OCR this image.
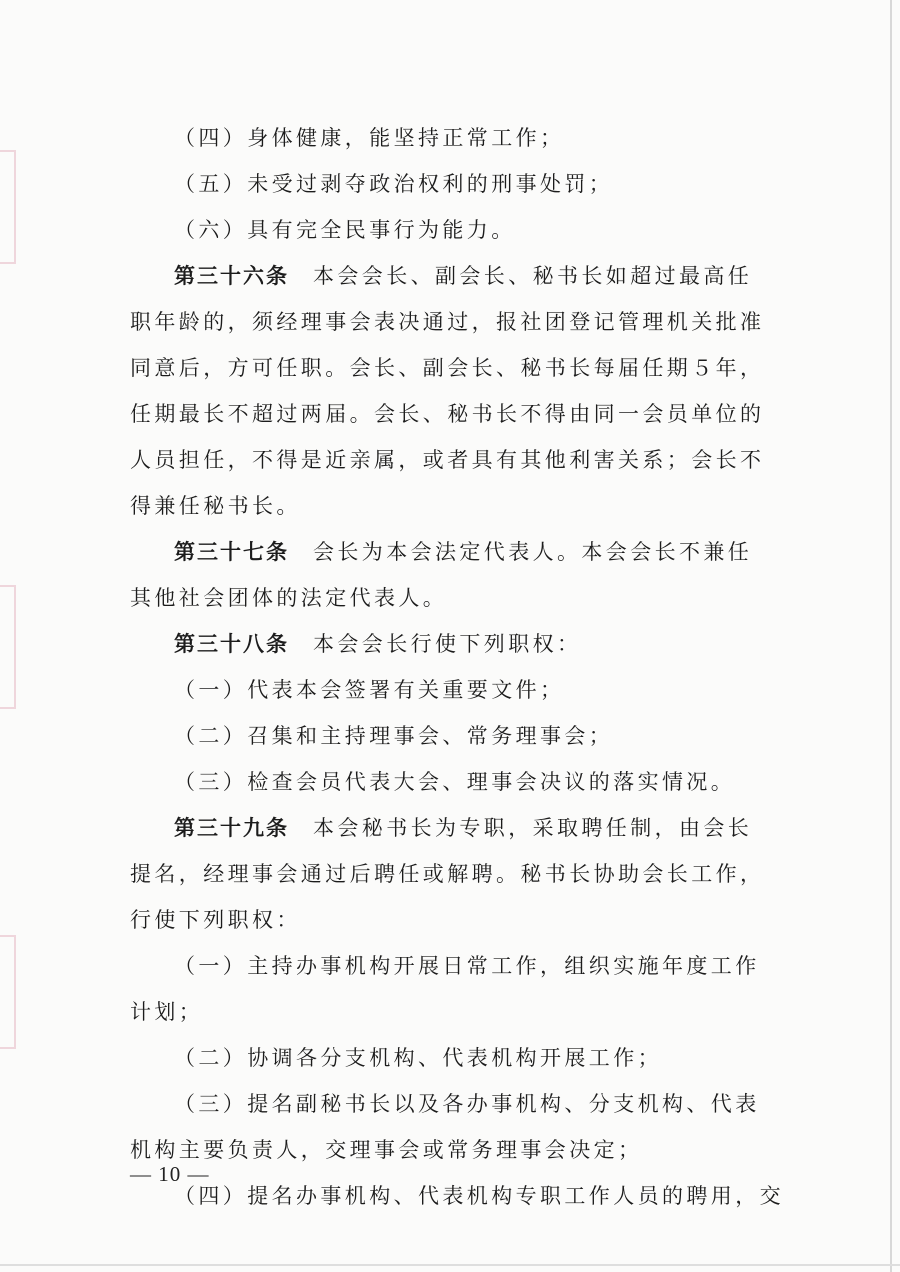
（四）身体健康，能坚持正常工作；

（五）未受过剥夺政治权利的刑事处罚；

（六）具有完全民事行为能力。

第三十六条 本会会长、副会长、秘书长如超过最高任

职年龄的，须经理事会表决通过，报社团登记管理机关批准

同意后，方可任职。会长、副会长、秘书长每届任期５年，

任期最长不超过两届。会长、秘书长不得由同一会员单位的

人员担任，不得是近亲属，或者具有其他利害关系；会长不

得兼任秘书长。

第三十七条 会长为本会法定代表人。本会会长不兼任

其他社会团体的法定代表人。

第三十八条 本会会长行使下列职权：

（一）代表本会签署有关重要文件；

（二）召集和主持理事会、常务理事会；

（三）检查会员代表大会、理事会决议的落实情况。

第三十九条 本会秘书长为专职，采取聘任制，由会长

提名，经理事会通过后聘任或解聘。秘书长协助会长工作，

行使下列职权：

（一）主持办事机构开展日常工作，组织实施年度工作

计划；

（二）协调各分支机构、代表机构开展工作；

（三）提名副秘书长以及各办事机构、分支机构、代表

机构主要负责人，交理事会或常务理事会决定；

（四）提名办事机构、代表机构专职工作人员的聘用，交

— 10 —
